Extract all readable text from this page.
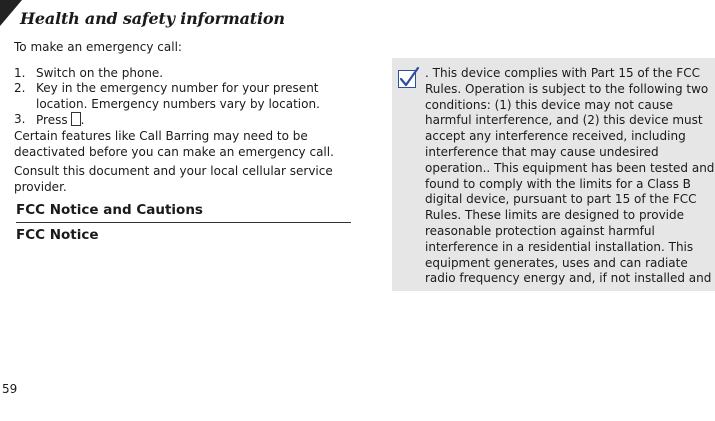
Health and safety information

To make an emergency call:

1. Switch on the phone.
2. Key in the emergency number for your present location. Emergency numbers vary by location.
3. Press .

Certain features like Call Barring may need to be deactivated before you can make an emergency call.

Consult this document and your local cellular service provider.

FCC Notice and Cautions
FCC Notice
. This device complies with Part 15 of the FCC Rules. Operation is subject to the following two conditions: (1) this device may not cause harmful interference, and (2) this device must accept any interference received, including interference that may cause undesired operation.. This equipment has been tested and found to comply with the limits for a Class B digital device, pursuant to part 15 of the FCC Rules. These limits are designed to provide reasonable protection against harmful interference in a residential installation. This equipment generates, uses and can radiate radio frequency energy and, if not installed and
59
